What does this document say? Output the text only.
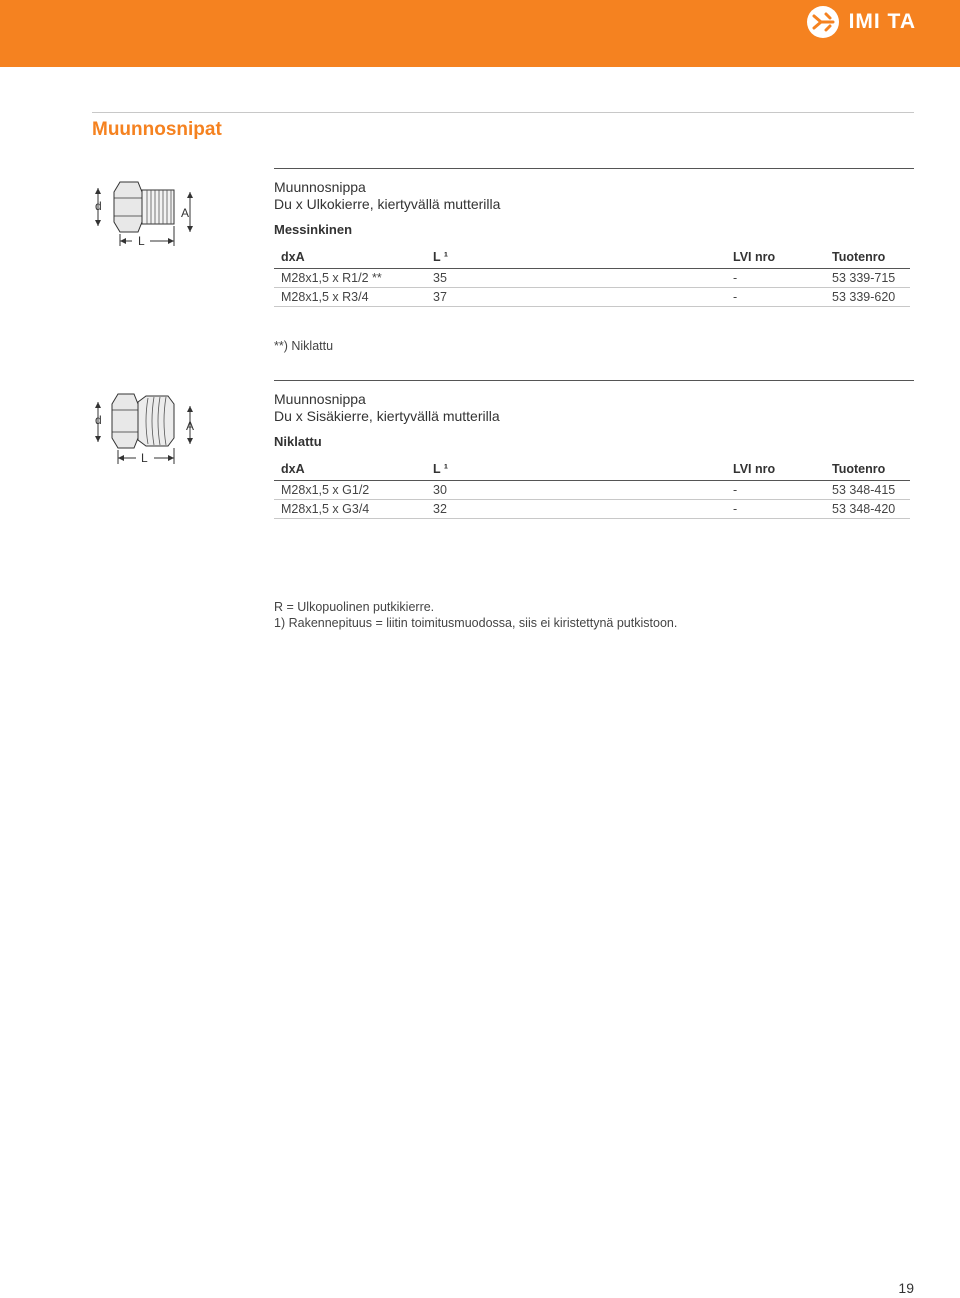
IMI TA
Muunnosnipat
d	A
L
Muunnosnippa
Du x Ulkokierre, kiertyvällä mutterilla
Messinkinen
dxA	L ¹	LVI nro	Tuotenro
M28x1,5 x R1/2 **	35	-	53 339-715
M28x1,5 x R3/4	37	-	53 339-620
**) Niklattu
d	A
L
Muunnosnippa
Du x Sisäkierre, kiertyvällä mutterilla
Niklattu
dxA	L ¹	LVI nro	Tuotenro
M28x1,5 x G1/2	30	-	53 348-415
M28x1,5 x G3/4	32	-	53 348-420
R = Ulkopuolinen putkikierre.
1) Rakennepituus = liitin toimitusmuodossa, siis ei kiristettynä putkistoon.
19
